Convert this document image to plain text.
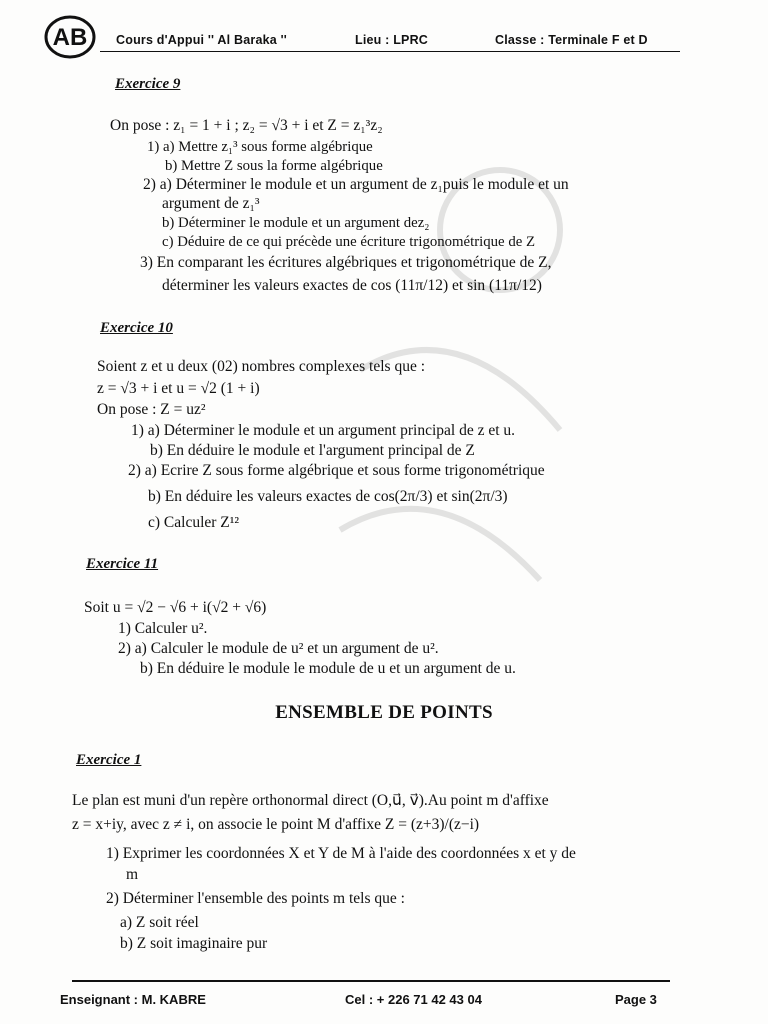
AB Cours d'Appui '' Al Baraka ''	Lieu : LPRC	Classe : Terminale F et D
Exercice 9
On pose : z₁ = 1 + i ; z₂ = √3 + i et Z = z₁³z₂
1) a) Mettre z₁³ sous forme algébrique
b) Mettre Z sous la forme algébrique
2) a) Déterminer le module et un argument de z₁puis le module et un
argument de z₁³
b) Déterminer le module et un argument dez₂
c) Déduire de ce qui précède une écriture trigonométrique de Z
3) En comparant les écritures algébriques et trigonométrique de Z,
déterminer les valeurs exactes de cos (11π/12) et sin (11π/12)
Exercice 10
Soient z et u deux (02) nombres complexes tels que :
z = √3 + i et u = √2 (1 + i)
On pose : Z = uz²
1) a) Déterminer le module et un argument principal de z et u.
b) En déduire le module et l'argument principal de Z
2) a) Ecrire Z sous forme algébrique et sous forme trigonométrique
b) En déduire les valeurs exactes de cos(2π/3) et sin(2π/3)
c) Calculer Z¹²
Exercice 11
Soit u = √2 − √6 + i(√2 + √6)
1) Calculer u².
2) a) Calculer le module de u² et un argument de u².
b) En déduire le module le module de u et un argument de u.
ENSEMBLE DE POINTS
Exercice 1
Le plan est muni d'un repère orthonormal direct (O,u⃗, v⃗).Au point m d'affixe
z = x+iy, avec z ≠ i, on associe le point M d'affixe Z = (z+3)/(z−i)
1) Exprimer les coordonnées X et Y de M à l'aide des coordonnées x et y de
m
2) Déterminer l'ensemble des points m tels que :
a) Z soit réel
b) Z soit imaginaire pur
Enseignant : M. KABRE	Cel : + 226 71 42 43 04	Page 3
